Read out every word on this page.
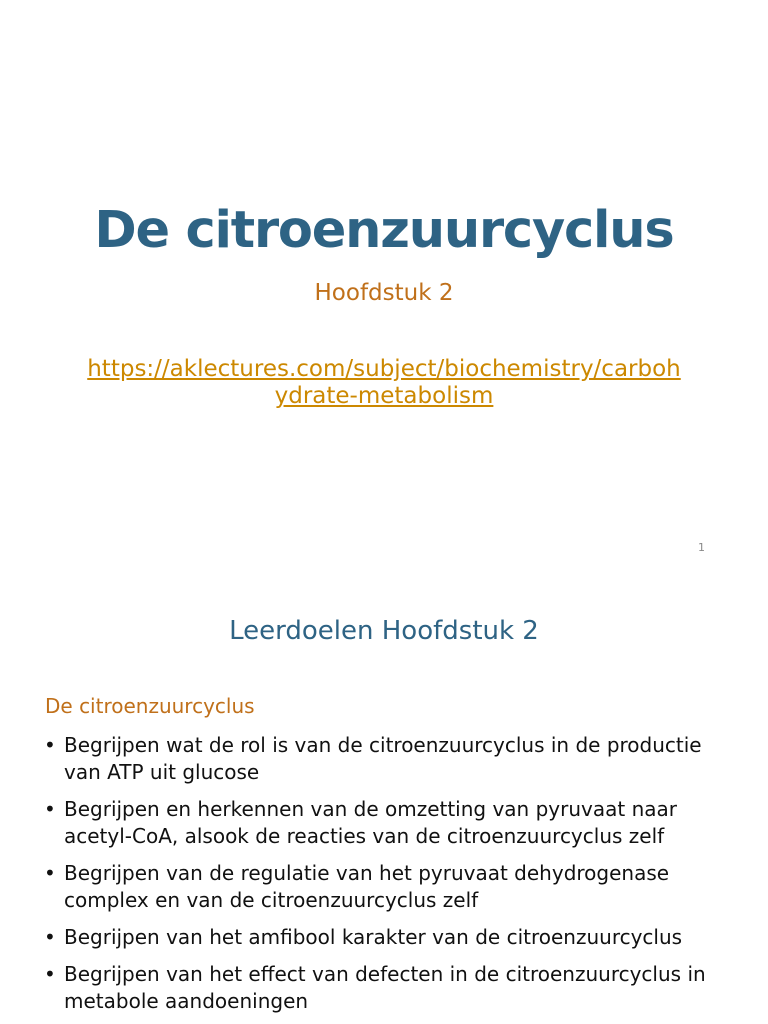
De citroenzuurcyclus
Hoofdstuk 2
https://aklectures.com/subject/biochemistry/carbohydrate-metabolism
1
Leerdoelen Hoofdstuk 2
De citroenzuurcyclus
• Begrijpen wat de rol is van de citroenzuurcyclus in de productie van ATP uit glucose
• Begrijpen en herkennen van de omzetting van pyruvaat naar acetyl-CoA, alsook de reacties van de citroenzuurcyclus zelf
• Begrijpen van de regulatie van het pyruvaat dehydrogenase complex en van de citroenzuurcyclus zelf
• Begrijpen van het amfibool karakter van de citroenzuurcyclus
• Begrijpen van het effect van defecten in de citroenzuurcyclus in metabole aandoeningen
